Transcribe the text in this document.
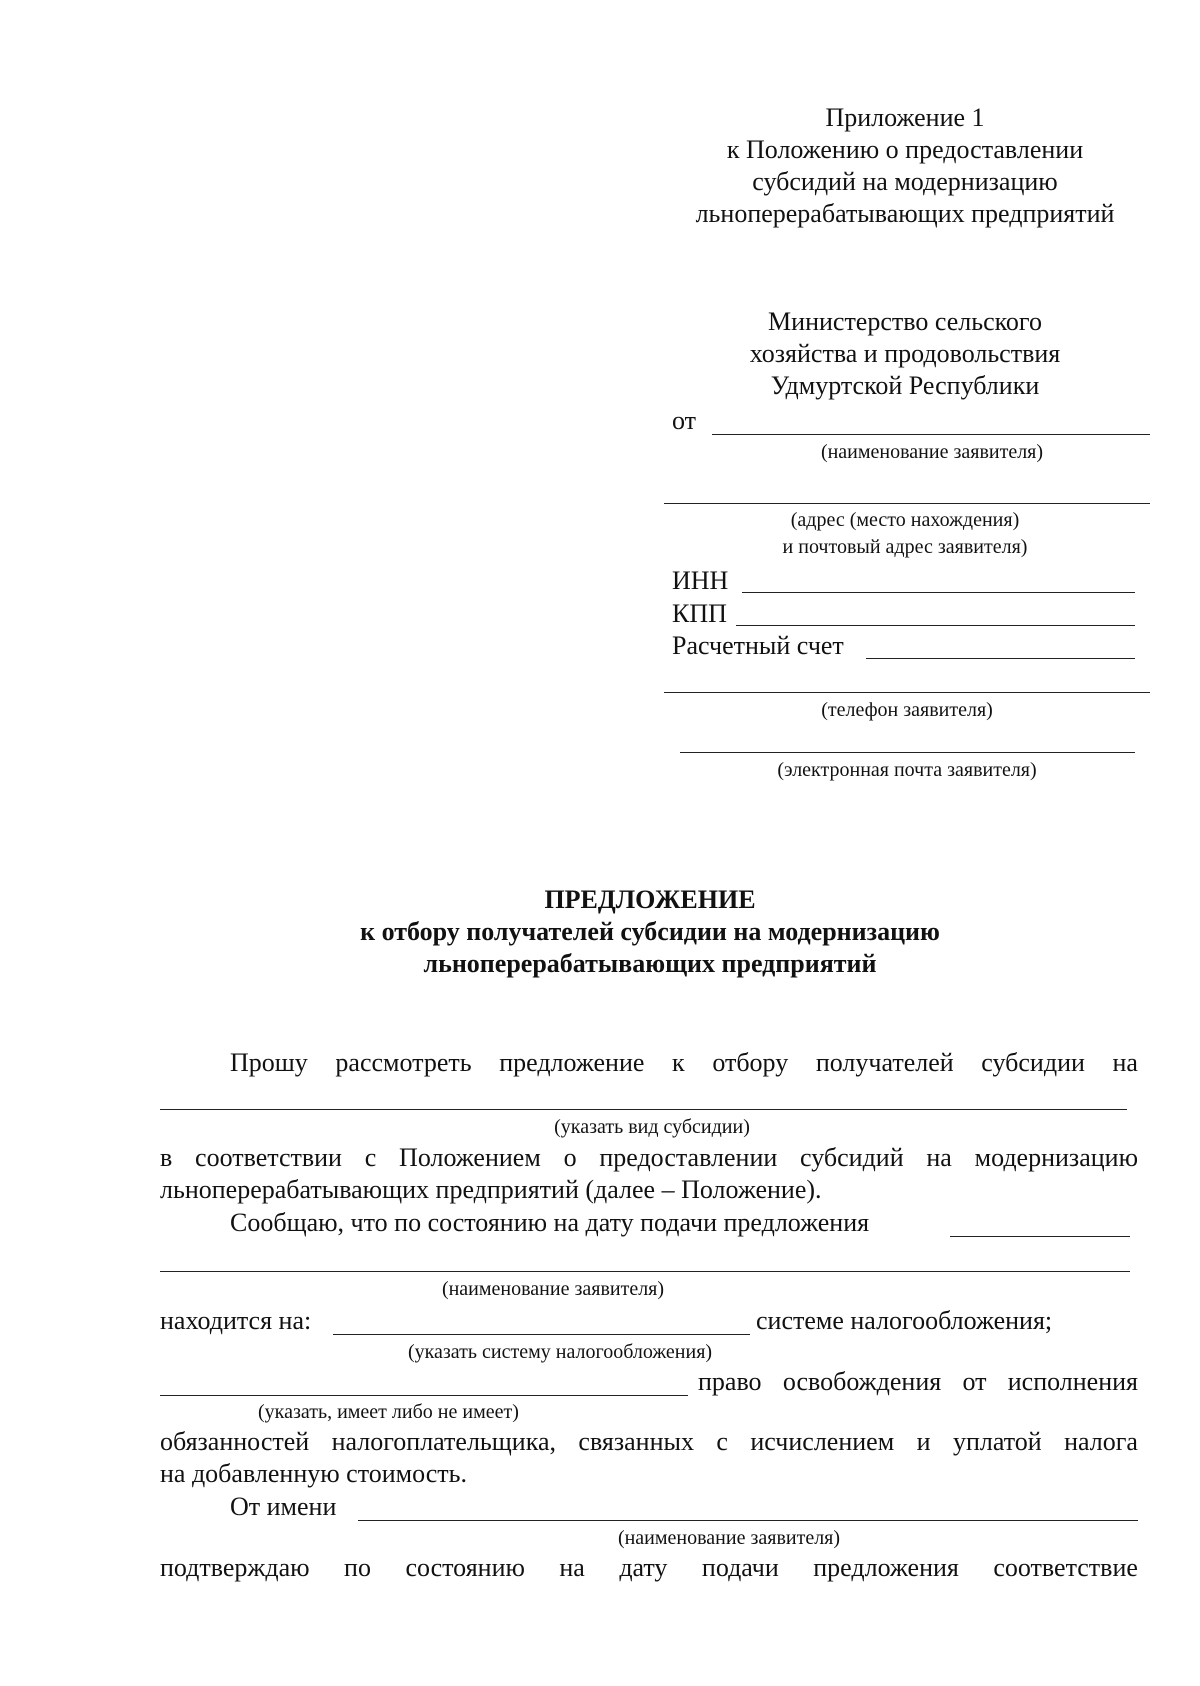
Приложение 1
к Положению о предоставлении
субсидий на модернизацию
льноперерабатывающих предприятий
Министерство сельского
хозяйства и продовольствия
Удмуртской Республики
от
(наименование заявителя)
(адрес (место нахождения)
и почтовый адрес заявителя)
ИНН
КПП
Расчетный счет
(телефон заявителя)
(электронная почта заявителя)
ПРЕДЛОЖЕНИЕ
к отбору получателей субсидии на модернизацию
льноперерабатывающих предприятий
Прошу рассмотреть предложение к отбору получателей субсидии на
(указать вид субсидии)
в соответствии с Положением о предоставлении субсидий на модернизацию
льноперерабатывающих предприятий (далее – Положение).
Сообщаю, что по состоянию на дату подачи предложения
(наименование заявителя)
находится на:	системе налогообложения;
(указать систему налогообложения)
право освобождения от исполнения
(указать, имеет либо не имеет)
обязанностей налогоплательщика, связанных с исчислением и уплатой налога
на добавленную стоимость.
От имени
(наименование заявителя)
подтверждаю по состоянию на дату подачи предложения соответствие
